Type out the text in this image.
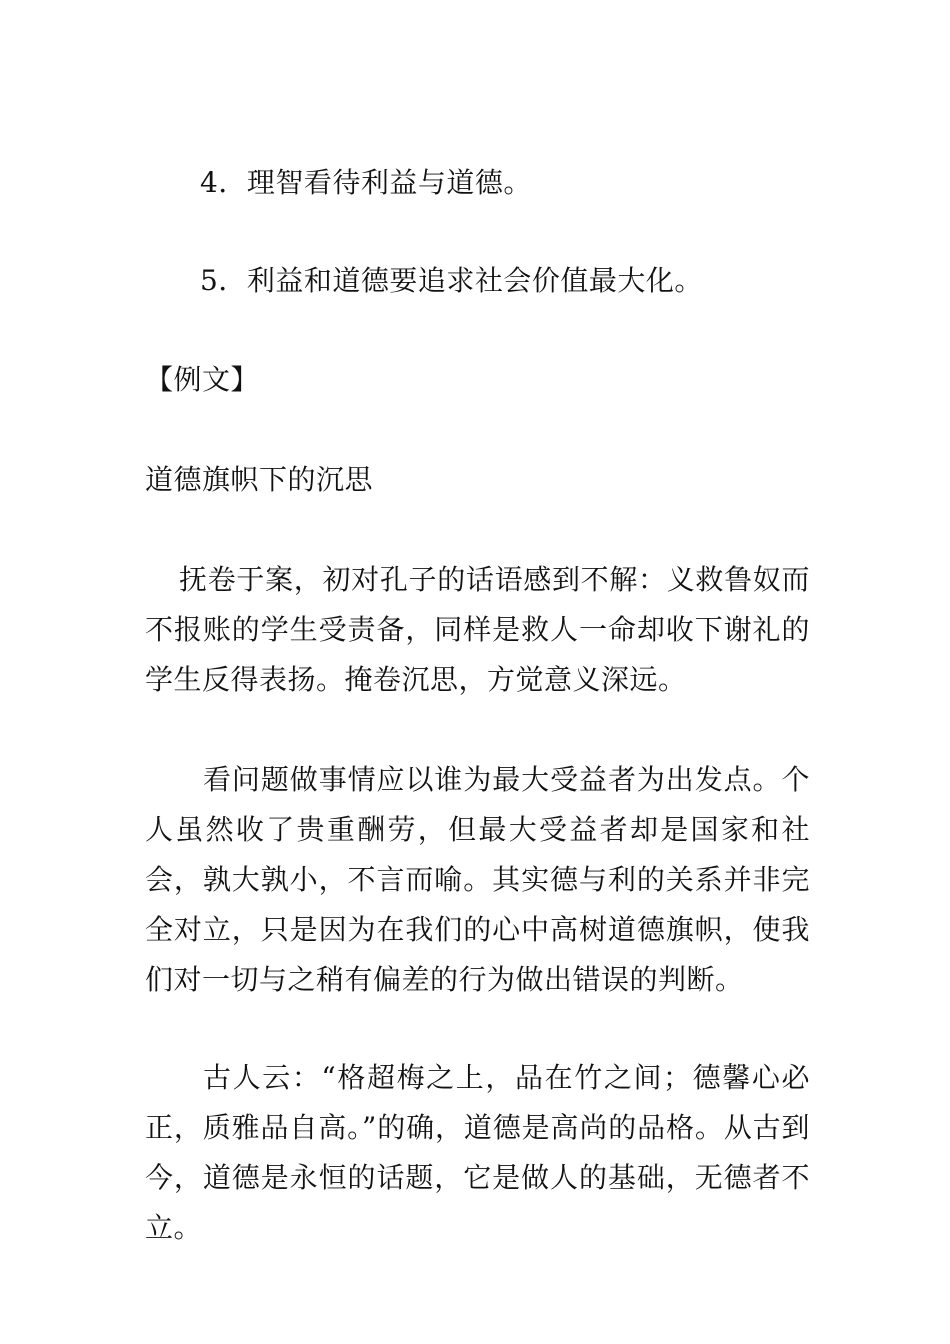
4．理智看待利益与道德。
5．利益和道德要追求社会价值最大化。
【例文】
道德旗帜下的沉思
抚卷于案，初对孔子的话语感到不解：义救鲁奴而不报账的学生受责备，同样是救人一命却收下谢礼的学生反得表扬。掩卷沉思，方觉意义深远。
看问题做事情应以谁为最大受益者为出发点。个人虽然收了贵重酬劳，但最大受益者却是国家和社会，孰大孰小，不言而喻。其实德与利的关系并非完全对立，只是因为在我们的心中高树道德旗帜，使我们对一切与之稍有偏差的行为做出错误的判断。
古人云：“格超梅之上，品在竹之间；德馨心必正，质雅品自高。”的确，道德是高尚的品格。从古到今，道德是永恒的话题，它是做人的基础，无德者不立。
